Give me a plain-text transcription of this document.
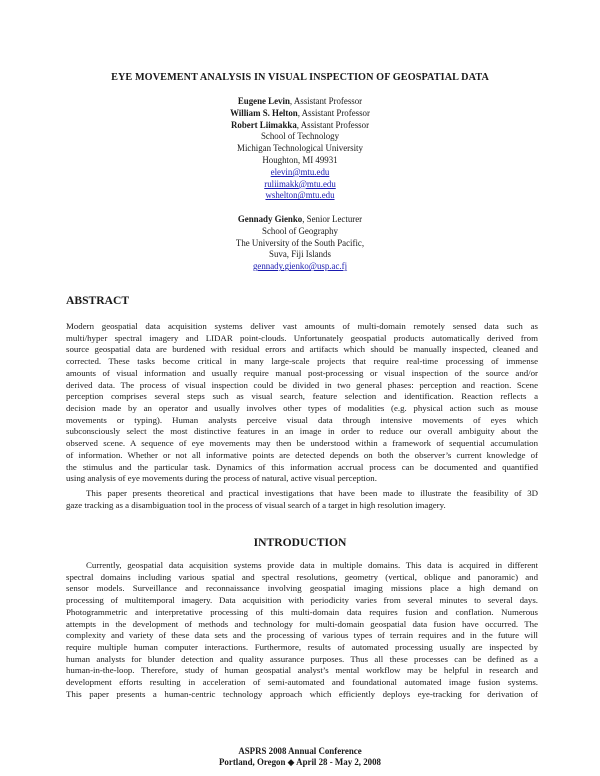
EYE MOVEMENT ANALYSIS IN VISUAL INSPECTION OF GEOSPATIAL DATA
Eugene Levin, Assistant Professor
William S. Helton, Assistant Professor
Robert Liimakka, Assistant Professor
School of Technology
Michigan Technological University
Houghton, MI 49931
elevin@mtu.edu
ruliimakk@mtu.edu
wshelton@mtu.edu
Gennady Gienko, Senior Lecturer
School of Geography
The University of the South Pacific,
Suva, Fiji Islands
gennady.gienko@usp.ac.fj
ABSTRACT
Modern geospatial data acquisition systems deliver vast amounts of multi-domain remotely sensed data such as
multi/hyper spectral imagery and LIDAR point-clouds. Unfortunately geospatial products automatically derived from
source geospatial data are burdened with residual errors and artifacts which should be manually inspected, cleaned and
corrected. These tasks become critical in many large-scale projects that require real-time processing of immense
amounts of visual information and usually require manual post-processing or visual inspection of the source and/or
derived data. The process of visual inspection could be divided in two general phases: perception and reaction. Scene
perception comprises several steps such as visual search, feature selection and identification. Reaction reflects a
decision made by an operator and usually involves other types of modalities (e.g. physical action such as mouse
movements or typing). Human analysts perceive visual data through intensive movements of eyes which
subconsciously select the most distinctive features in an image in order to reduce our overall ambiguity about the
observed scene. A sequence of eye movements may then be understood within a framework of sequential accumulation
of information. Whether or not all informative points are detected depends on both the observer’s current knowledge of
the stimulus and the particular task. Dynamics of this information accrual process can be documented and quantified
using analysis of eye movements during the process of natural, active visual perception.
This paper presents theoretical and practical investigations that have been made to illustrate the feasibility of 3D
gaze tracking as a disambiguation tool in the process of visual search of a target in high resolution imagery.
INTRODUCTION
Currently, geospatial data acquisition systems provide data in multiple domains. This data is acquired in different
spectral domains including various spatial and spectral resolutions, geometry (vertical, oblique and panoramic) and
sensor models. Surveillance and reconnaissance involving geospatial imaging missions place a high demand on
processing of multitemporal imagery. Data acquisition with periodicity varies from several minutes to several days.
Photogrammetric and interpretative processing of this multi-domain data requires fusion and conflation. Numerous
attempts in the development of methods and technology for multi-domain geospatial data fusion have occurred. The
complexity and variety of these data sets and the processing of various types of terrain requires and in the future will
require multiple human computer interactions. Furthermore, results of automated processing usually are inspected by
human analysts for blunder detection and quality assurance purposes. Thus all these processes can be defined as a
human-in-the-loop. Therefore, study of human geospatial analyst’s mental workflow may be helpful in research and
development efforts resulting in acceleration of semi-automated and foundational automated image fusion systems.
This paper presents a human-centric technology approach which efficiently deploys eye-tracking for derivation of
ASPRS 2008 Annual Conference
Portland, Oregon ◆ April 28 - May 2, 2008
